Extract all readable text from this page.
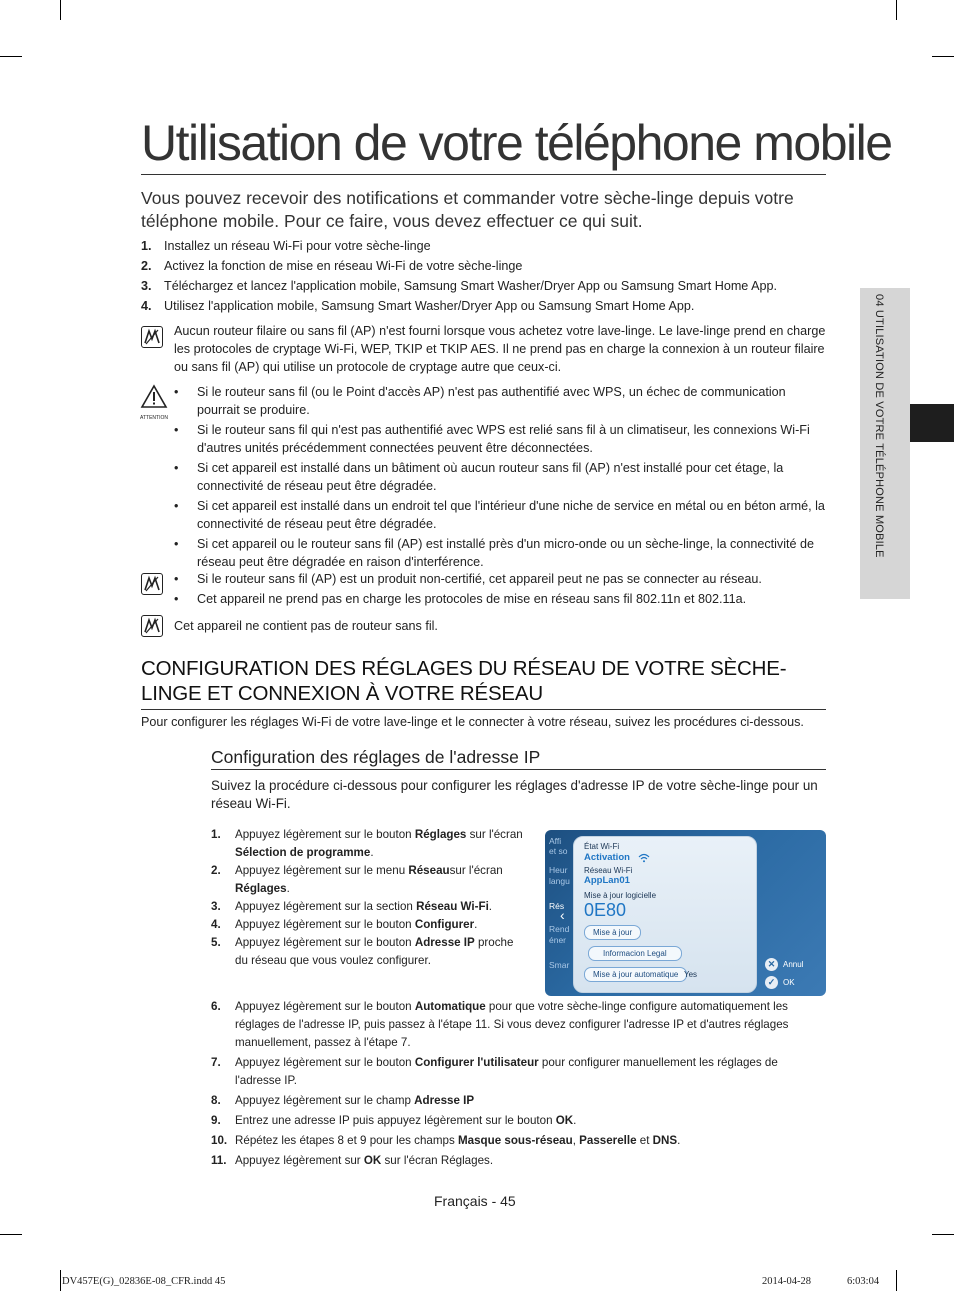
Utilisation de votre téléphone mobile
Vous pouvez recevoir des notifications et commander votre sèche-linge depuis votre téléphone mobile. Pour ce faire, vous devez effectuer ce qui suit.
1. Installez un réseau Wi-Fi pour votre sèche-linge
2. Activez la fonction de mise en réseau Wi-Fi de votre sèche-linge
3. Téléchargez et lancez l'application mobile, Samsung Smart Washer/Dryer App ou Samsung Smart Home App.
4. Utilisez l'application mobile, Samsung Smart Washer/Dryer App ou Samsung Smart Home App.
Aucun routeur filaire ou sans fil (AP) n'est fourni lorsque vous achetez votre lave-linge. Le lave-linge prend en charge les protocoles de cryptage Wi-Fi, WEP, TKIP et TKIP AES. Il ne prend pas en charge la connexion à un routeur filaire ou sans fil (AP) qui utilise un protocole de cryptage autre que ceux-ci.
ATTENTION
•	Si le routeur sans fil (ou le Point d'accès AP) n'est pas authentifié avec WPS, un échec de communication pourrait se produire.
•	Si le routeur sans fil qui n'est pas authentifié avec WPS est relié sans fil à un climatiseur, les connexions Wi-Fi d'autres unités précédemment connectées peuvent être déconnectées.
•	Si cet appareil est installé dans un bâtiment où aucun routeur sans fil (AP) n'est installé pour cet étage, la connectivité de réseau peut être dégradée.
•	Si cet appareil est installé dans un endroit tel que l'intérieur d'une niche de service en métal ou en béton armé, la connectivité de réseau peut être dégradée.
•	Si cet appareil ou le routeur sans fil (AP) est installé près d'un micro-onde ou un sèche-linge, la connectivité de réseau peut être dégradée en raison d'interférence.
•	Si le routeur sans fil (AP) est un produit non-certifié, cet appareil peut ne pas se connecter au réseau.
•	Cet appareil ne prend pas en charge les protocoles de mise en réseau sans fil 802.11n et 802.11a.
Cet appareil ne contient pas de routeur sans fil.
CONFIGURATION DES RÉGLAGES DU RÉSEAU DE VOTRE SÈCHE-LINGE ET CONNEXION À VOTRE RÉSEAU
Pour configurer les réglages Wi-Fi de votre lave-linge et le connecter à votre réseau, suivez les procédures ci-dessous.
Configuration des réglages de l'adresse IP
Suivez la procédure ci-dessous pour configurer les réglages d'adresse IP de votre sèche-linge pour un réseau Wi-Fi.
1.	Appuyez légèrement sur le bouton Réglages sur l'écran Sélection de programme.
2.	Appuyez légèrement sur le menu Réseausur l'écran Réglages.
3.	Appuyez légèrement sur la section Réseau Wi-Fi.
4.	Appuyez légèrement sur le bouton Configurer.
5.	Appuyez légèrement sur le bouton Adresse IP proche du réseau que vous voulez configurer.
Affi
et so
Heur
langu
Rés
Rend
éner
Smar
‹
État Wi-Fi
Activation
Réseau Wi-Fi
AppLan01
Mise à jour logicielle
0E80
Mise à jour
Informacion Legal
Mise à jour automatique Yes
✕ Annul
✓ OK
6.	Appuyez légèrement sur le bouton Automatique pour que votre sèche-linge configure automatiquement les réglages de l'adresse IP, puis passez à l'étape 11. Si vous devez configurer l'adresse IP et d'autres réglages manuellement, passez à l'étape 7.
7.	Appuyez légèrement sur le bouton Configurer l'utilisateur pour configurer manuellement les réglages de l'adresse IP.
8.	Appuyez légèrement sur le champ Adresse IP
9.	Entrez une adresse IP puis appuyez légèrement sur le bouton OK.
10. Répétez les étapes 8 et 9 pour les champs Masque sous-réseau, Passerelle et DNS.
11. Appuyez légèrement sur OK sur l'écran Réglages.
04 UTILISATION DE VOTRE TÉLÉPHONE MOBILE
Français - 45
DV457E(G)_02836E-08_CFR.indd 45	2014-04-28	6:03:04
